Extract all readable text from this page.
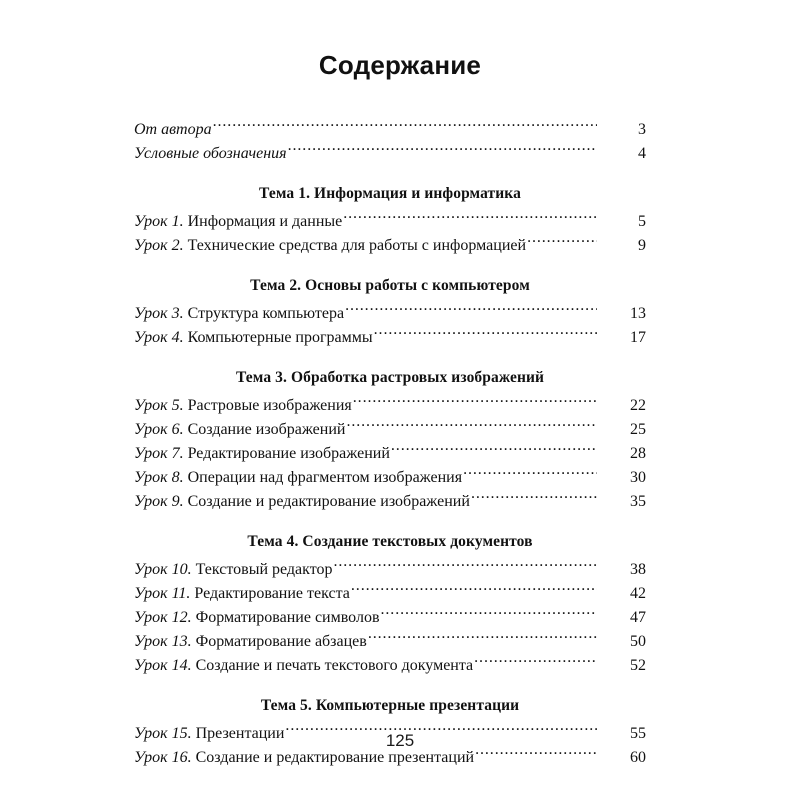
Содержание
От автора .....	3
Условные обозначения .....	4
Тема 1. Информация и информатика
Урок 1. Информация и данные .....	5
Урок 2. Технические средства для работы с информацией .....	9
Тема 2. Основы работы с компьютером
Урок 3. Структура компьютера .....	13
Урок 4. Компьютерные программы .....	17
Тема 3. Обработка растровых изображений
Урок 5. Растровые изображения .....	22
Урок 6. Создание изображений .....	25
Урок 7. Редактирование изображений .....	28
Урок 8. Операции над фрагментом изображения .....	30
Урок 9. Создание и редактирование изображений .....	35
Тема 4. Создание текстовых документов
Урок 10. Текстовый редактор .....	38
Урок 11. Редактирование текста .....	42
Урок 12. Форматирование символов .....	47
Урок 13. Форматирование абзацев .....	50
Урок 14. Создание и печать текстового документа .....	52
Тема 5. Компьютерные презентации
Урок 15. Презентации .....	55
Урок 16. Создание и редактирование презентаций .....	60
125
